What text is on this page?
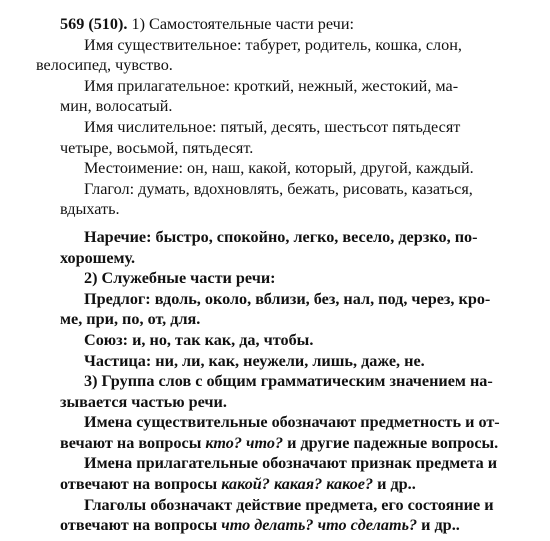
569 (510). 1) Самостоятельные части речи:

Имя существительное: табурет, родитель, кошка, слон,
велосипед, чувство.

Имя прилагательное: кроткий, нежный, жестокий, ма-
мин, волосатый.

Имя числительное: пятый, десять, шестьсот пятьдесят
четыре, восьмой, пятьдесят.

Местоимение: он, наш, какой, который, другой, каждый.

Глагол: думать, вдохновлять, бежать, рисовать, казаться,
вдыхать.

Наречие: быстро, спокойно, легко, весело, дерзко, по-
хорошему.

2) Служебные части речи:

Предлог: вдоль, около, вблизи, без, нал, под, через, кро-
ме, при, по, от, для.

Союз: и, но, так как, да, чтобы.

Частица: ни, ли, как, неужели, лишь, даже, не.

3) Группа слов с общим грамматическим значением на-
зывается частью речи.

Имена существительные обозначают предметность и от-
вечают на вопросы кто? что? и другие падежные вопросы.

Имена прилагательные обозначают признак предмета и
отвечают на вопросы какой? какая? какое? и др..

Глаголы обозначакт действие предмета, его состояние и
отвечают на вопросы что делать? что сделать? и др..
